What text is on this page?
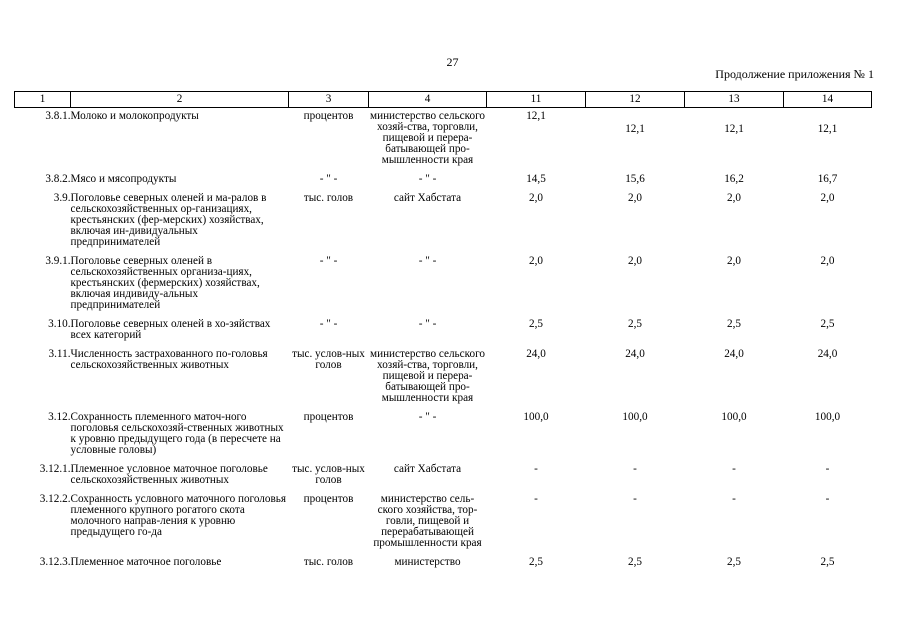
27
Продолжение приложения № 1
1	2	3	4	11	12	13	14
3.8.1.	Молоко и молокопродукты	процентов	министерство сельского хозяй-ства, торговли, пищевой и перера-батывающей про-мышленности края	12,1	12,1	12,1	12,1
3.8.2.	Мясо и мясопродукты	- " -	- " -	14,5	15,6	16,2	16,7
3.9.	Поголовье северных оленей и ма-ралов в сельскохозяйственных ор-ганизациях, крестьянских (фер-мерских) хозяйствах, включая ин-дивидуальных предпринимателей	тыс. голов	сайт Хабстата	2,0	2,0	2,0	2,0
3.9.1.	Поголовье северных оленей в сельскохозяйственных организа-циях, крестьянских (фермерских) хозяйствах, включая индивиду-альных предпринимателей	- " -	- " -	2,0	2,0	2,0	2,0
3.10.	Поголовье северных оленей в хо-зяйствах всех категорий	- " -	- " -	2,5	2,5	2,5	2,5
3.11.	Численность застрахованного по-головья сельскохозяйственных животных	тыс. услов-ных голов	министерство сельского хозяй-ства, торговли, пищевой и перера-батывающей про-мышленности края	24,0	24,0	24,0	24,0
3.12.	Сохранность племенного маточ-ного поголовья сельскохозяй-ственных животных к уровню предыдущего года (в пересчете на условные головы)	процентов	- " -	100,0	100,0	100,0	100,0
3.12.1.	Племенное условное маточное поголовье сельскохозяйственных животных	тыс. услов-ных голов	сайт Хабстата	-	-	-	-
3.12.2.	Сохранность условного маточного поголовья племенного крупного рогатого скота молочного направ-ления к уровню предыдущего го-да	процентов	министерство сель-ского хозяйства, тор-говли, пищевой и перерабатывающей промышленности края	-	-	-	-
3.12.3.	Племенное маточное поголовье	тыс. голов	министерство	2,5	2,5	2,5	2,5
